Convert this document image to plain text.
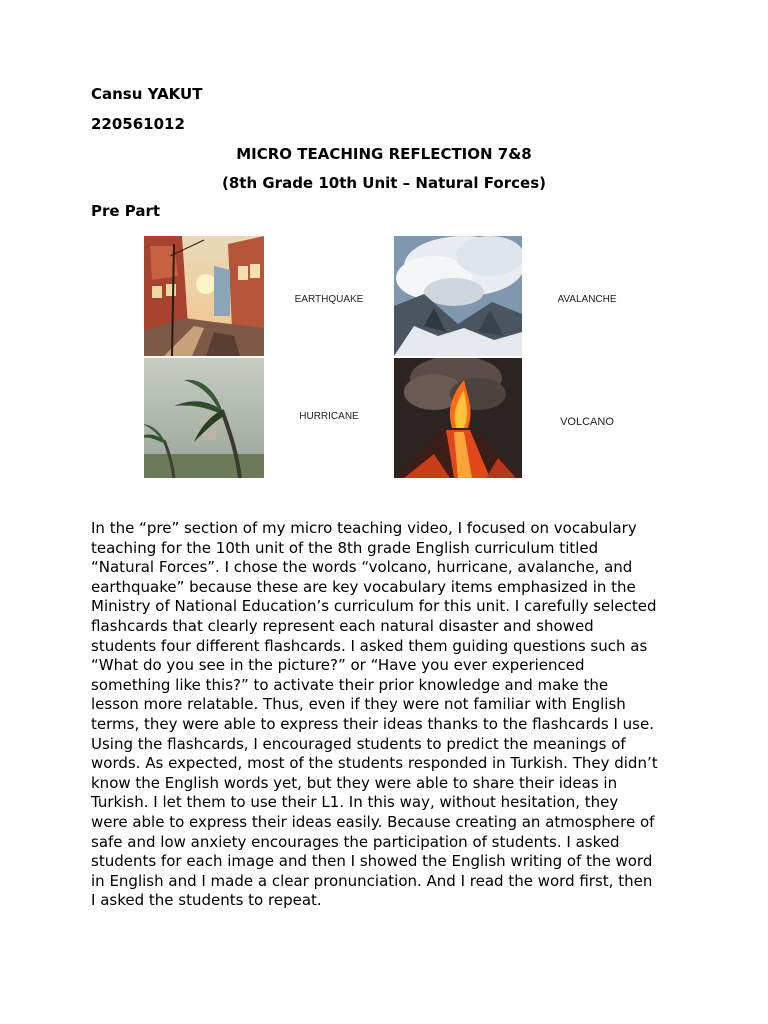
Cansu YAKUT
220561012
MICRO TEACHING REFLECTION 7&8
(8th Grade 10th Unit – Natural Forces)
Pre Part
EARTHQUAKE
HURRICANE
AVALANCHE
VOLCANO
In the “pre” section of my micro teaching video, I focused on vocabulary
teaching for the 10th unit of the 8th grade English curriculum titled
“Natural Forces”. I chose the words “volcano, hurricane, avalanche, and
earthquake” because these are key vocabulary items emphasized in the
Ministry of National Education’s curriculum for this unit. I carefully selected
flashcards that clearly represent each natural disaster and showed
students four different flashcards. I asked them guiding questions such as
“What do you see in the picture?” or “Have you ever experienced
something like this?” to activate their prior knowledge and make the
lesson more relatable. Thus, even if they were not familiar with English
terms, they were able to express their ideas thanks to the flashcards I use.
Using the flashcards, I encouraged students to predict the meanings of
words. As expected, most of the students responded in Turkish. They didn’t
know the English words yet, but they were able to share their ideas in
Turkish. I let them to use their L1. In this way, without hesitation, they
were able to express their ideas easily. Because creating an atmosphere of
safe and low anxiety encourages the participation of students. I asked
students for each image and then I showed the English writing of the word
in English and I made a clear pronunciation. And I read the word first, then
I asked the students to repeat.
